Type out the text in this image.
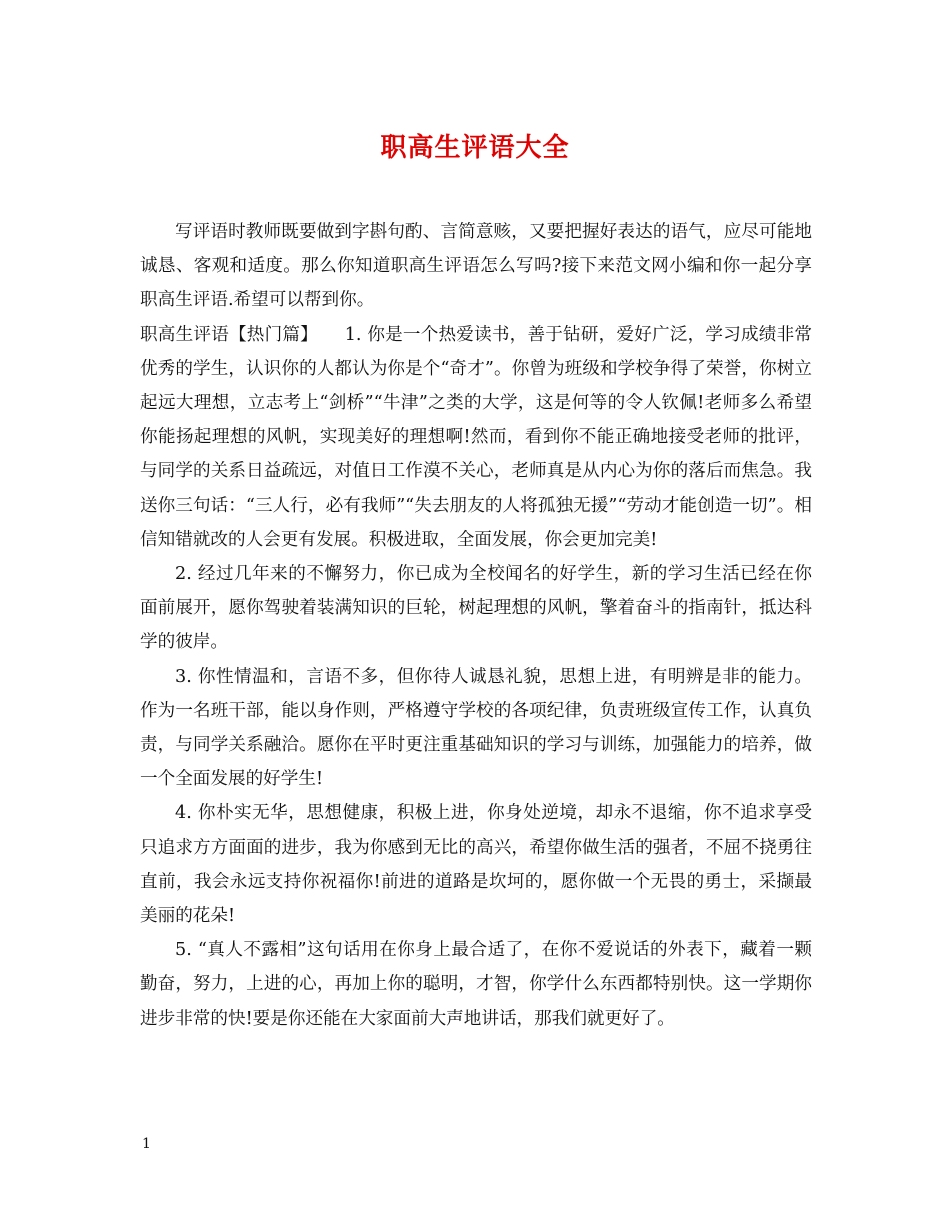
职高生评语大全

写评语时教师既要做到字斟句酌、言简意赅，又要把握好表达的语气，应尽可能地诚恳、客观和适度。那么你知道职高生评语怎么写吗?接下来范文网小编和你一起分享职高生评语.希望可以帮到你。

职高生评语【热门篇】　　1. 你是一个热爱读书，善于钻研，爱好广泛，学习成绩非常优秀的学生，认识你的人都认为你是个“奇才”。你曾为班级和学校争得了荣誉，你树立起远大理想，立志考上“剑桥”“牛津”之类的大学，这是何等的令人钦佩!老师多么希望你能扬起理想的风帆，实现美好的理想啊!然而，看到你不能正确地接受老师的批评，与同学的关系日益疏远，对值日工作漠不关心，老师真是从内心为你的落后而焦急。我送你三句话：“三人行，必有我师”“失去朋友的人将孤独无援”“劳动才能创造一切”。相信知错就改的人会更有发展。积极进取，全面发展，你会更加完美!

2. 经过几年来的不懈努力，你已成为全校闻名的好学生，新的学习生活已经在你面前展开，愿你驾驶着装满知识的巨轮，树起理想的风帆，擎着奋斗的指南针，抵达科学的彼岸。

3. 你性情温和，言语不多，但你待人诚恳礼貌，思想上进，有明辨是非的能力。作为一名班干部，能以身作则，严格遵守学校的各项纪律，负责班级宣传工作，认真负责，与同学关系融洽。愿你在平时更注重基础知识的学习与训练，加强能力的培养，做一个全面发展的好学生!

4. 你朴实无华，思想健康，积极上进，你身处逆境，却永不退缩，你不追求享受只追求方方面面的进步，我为你感到无比的高兴，希望你做生活的强者，不屈不挠勇往直前，我会永远支持你祝福你!前进的道路是坎坷的，愿你做一个无畏的勇士，采撷最美丽的花朵!

5. “真人不露相”这句话用在你身上最合适了，在你不爱说话的外表下，藏着一颗勤奋，努力，上进的心，再加上你的聪明，才智，你学什么东西都特别快。这一学期你进步非常的快!要是你还能在大家面前大声地讲话，那我们就更好了。

1
